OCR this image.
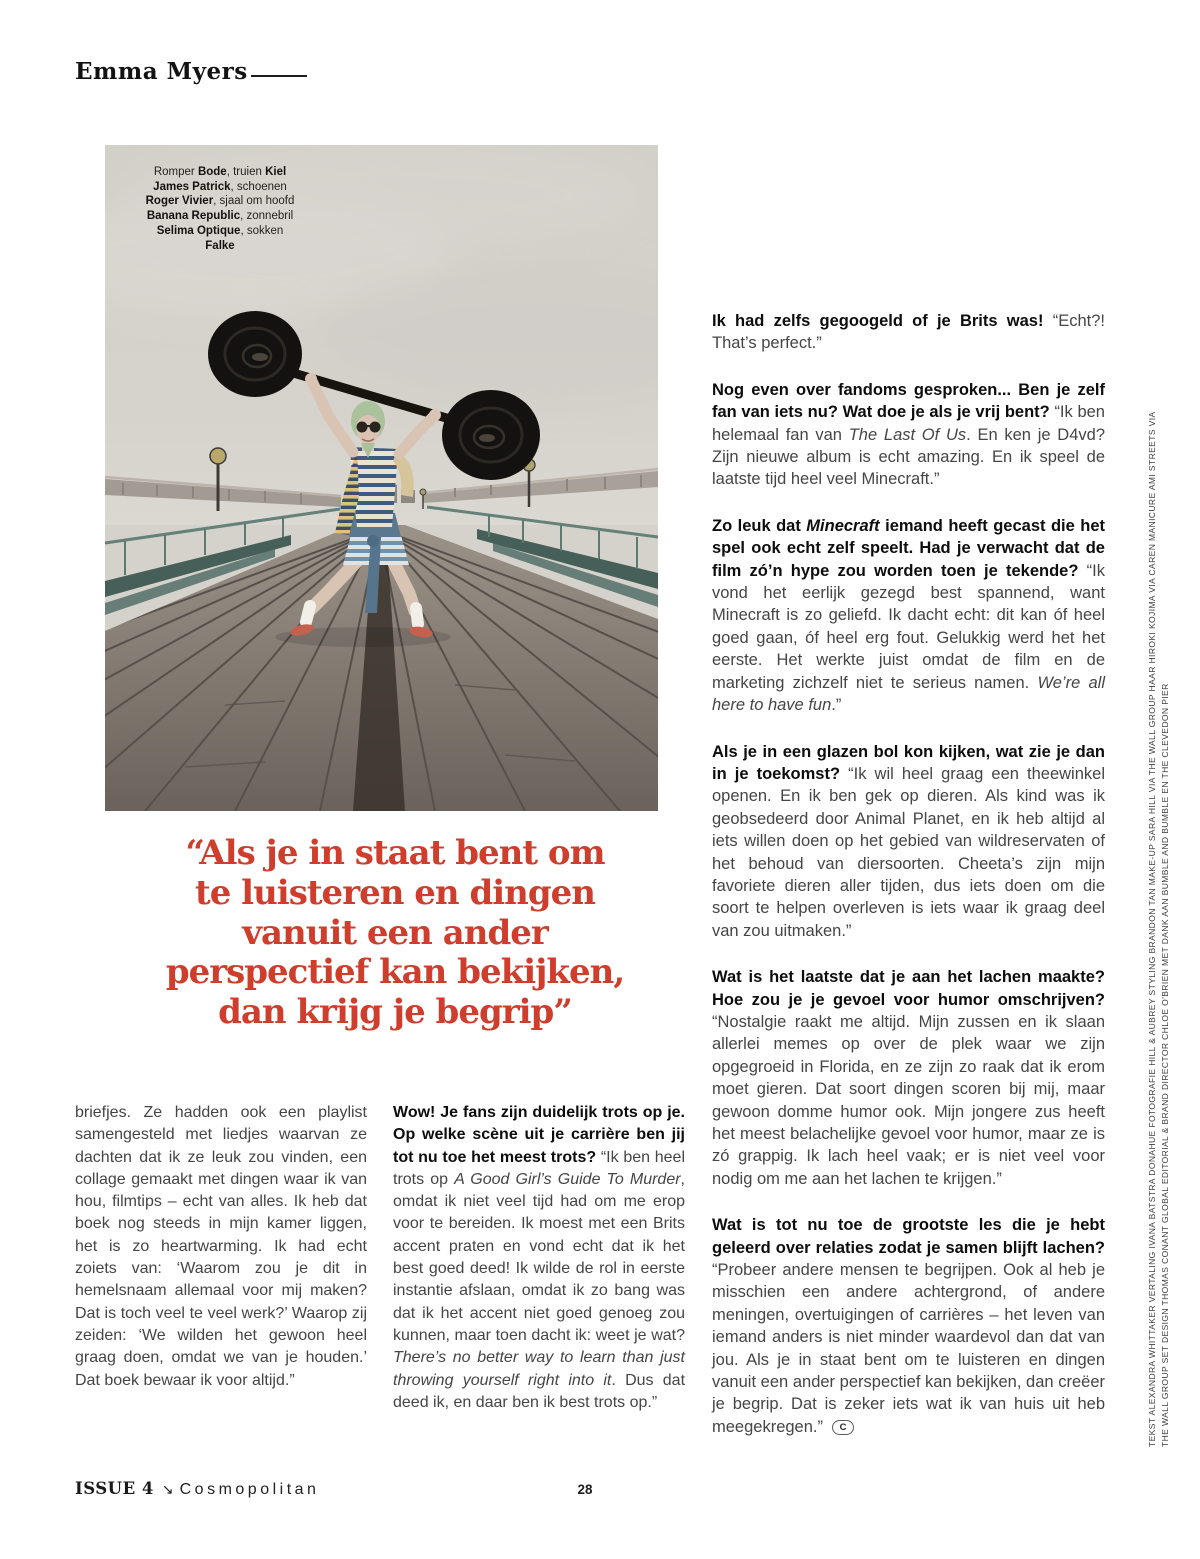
Emma Myers
Romper Bode, truien Kiel James Patrick, schoenen Roger Vivier, sjaal om hoofd Banana Republic, zonnebril Selima Optique, sokken Falke
“Als je in staat bent om
te luisteren en dingen
vanuit een ander
perspectief kan bekijken,
dan krijg je begrip”

briefjes. Ze hadden ook een playlist samengesteld met liedjes waarvan ze dachten dat ik ze leuk zou vinden, een collage gemaakt met dingen waar ik van hou, filmtips – echt van alles. Ik heb dat boek nog steeds in mijn kamer liggen, het is zo heartwarming. Ik had echt zoiets van: ‘Waarom zou je dit in hemelsnaam allemaal voor mij maken? Dat is toch veel te veel werk?’ Waarop zij zeiden: ‘We wilden het gewoon heel graag doen, omdat we van je houden.’ Dat boek bewaar ik voor altijd.”

Wow! Je fans zijn duidelijk trots op je. Op welke scène uit je carrière ben jij tot nu toe het meest trots? “Ik ben heel trots op A Good Girl’s Guide To Murder, omdat ik niet veel tijd had om me erop voor te bereiden. Ik moest met een Brits accent praten en vond echt dat ik het best goed deed! Ik wilde de rol in eerste instantie afslaan, omdat ik zo bang was dat ik het accent niet goed genoeg zou kunnen, maar toen dacht ik: weet je wat? There’s no better way to learn than just throwing yourself right into it. Dus dat deed ik, en daar ben ik best trots op.”

Ik had zelfs gegoogeld of je Brits was! “Echt?! That’s perfect.”

Nog even over fandoms gesproken... Ben je zelf fan van iets nu? Wat doe je als je vrij bent? “Ik ben helemaal fan van The Last Of Us. En ken je D4vd? Zijn nieuwe album is echt amazing. En ik speel de laatste tijd heel veel Minecraft.”

Zo leuk dat Minecraft iemand heeft gecast die het spel ook echt zelf speelt. Had je verwacht dat de film zó’n hype zou worden toen je tekende? “Ik vond het eerlijk gezegd best spannend, want Minecraft is zo geliefd. Ik dacht echt: dit kan óf heel goed gaan, óf heel erg fout. Gelukkig werd het het eerste. Het werkte juist omdat de film en de marketing zichzelf niet te serieus namen. We’re all here to have fun.”

Als je in een glazen bol kon kijken, wat zie je dan in je toekomst? “Ik wil heel graag een theewinkel openen. En ik ben gek op dieren. Als kind was ik geobsedeerd door Animal Planet, en ik heb altijd al iets willen doen op het gebied van wildreservaten of het behoud van diersoorten. Cheeta’s zijn mijn favoriete dieren aller tijden, dus iets doen om die soort te helpen overleven is iets waar ik graag deel van zou uitmaken.”

Wat is het laatste dat je aan het lachen maakte? Hoe zou je je gevoel voor humor omschrijven? “Nostalgie raakt me altijd. Mijn zussen en ik slaan allerlei memes op over de plek waar we zijn opgegroeid in Florida, en ze zijn zo raak dat ik erom moet gieren. Dat soort dingen scoren bij mij, maar gewoon domme humor ook. Mijn jongere zus heeft het meest belachelijke gevoel voor humor, maar ze is zó grappig. Ik lach heel vaak; er is niet veel voor nodig om me aan het lachen te krijgen.”

Wat is tot nu toe de grootste les die je hebt geleerd over relaties zodat je samen blijft lachen? “Probeer andere mensen te begrijpen. Ook al heb je misschien een andere achtergrond, of andere meningen, overtuigingen of carrières – het leven van iemand anders is niet minder waardevol dan dat van jou. Als je in staat bent om te luisteren en dingen vanuit een ander perspectief kan bekijken, dan creëer je begrip. Dat is zeker iets wat ik van huis uit heb meegekregen.” C	TEKST ALEXANDRA WHITTAKER VERTALING IVANA BATSTRA DONAHUE FOTOGRAFIE HILL & AUBREY STYLING BRANDON TAN MAKE-UP SARA HILL VIA THE WALL GROUP HAAR HIROKI KOJIMA VIA CAREN MANICURE AMI STREETS VIA THE WALL GROUP SET DESIGN THOMAS CONANT GLOBAL EDITORIAL & BRAND DIRECTOR CHLOE O'BRIEN MET DANK AAN BUMBLE AND BUMBLE EN THE CLEVEDON PIER
ISSUE 4 ↘ Cosmopolitan	28
